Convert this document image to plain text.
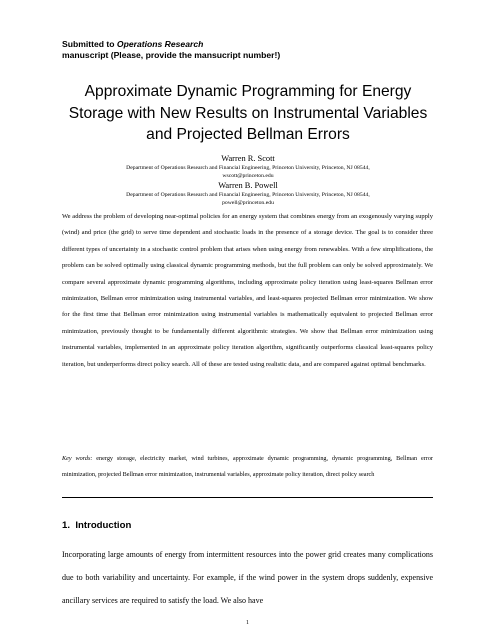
Submitted to Operations Research
manuscript (Please, provide the mansucript number!)
Approximate Dynamic Programming for Energy Storage with New Results on Instrumental Variables and Projected Bellman Errors
Warren R. Scott
Department of Operations Research and Financial Engineering, Princeton University, Princeton, NJ 08544,
wscott@princeton.edu
Warren B. Powell
Department of Operations Research and Financial Engineering, Princeton University, Princeton, NJ 08544,
powell@princeton.edu
We address the problem of developing near-optimal policies for an energy system that combines energy from an exogenously varying supply (wind) and price (the grid) to serve time dependent and stochastic loads in the presence of a storage device. The goal is to consider three different types of uncertainty in a stochastic control problem that arises when using energy from renewables. With a few simplifications, the problem can be solved optimally using classical dynamic programming methods, but the full problem can only be solved approximately. We compare several approximate dynamic programming algorithms, including approximate policy iteration using least-squares Bellman error minimization, Bellman error minimization using instrumental variables, and least-squares projected Bellman error minimization. We show for the first time that Bellman error minimization using instrumental variables is mathematically equivalent to projected Bellman error minimization, previously thought to be fundamentally different algorithmic strategies. We show that Bellman error minimization using instrumental variables, implemented in an approximate policy iteration algorithm, significantly outperforms classical least-squares policy iteration, but underperforms direct policy search. All of these are tested using realistic data, and are compared against optimal benchmarks.
Key words: energy storage, electricity market, wind turbines, approximate dynamic programming, dynamic programming, Bellman error minimization, projected Bellman error minimization, instrumental variables, approximate policy iteration, direct policy search
1. Introduction
Incorporating large amounts of energy from intermittent resources into the power grid creates many complications due to both variability and uncertainty. For example, if the wind power in the system drops suddenly, expensive ancillary services are required to satisfy the load. We also have
1
